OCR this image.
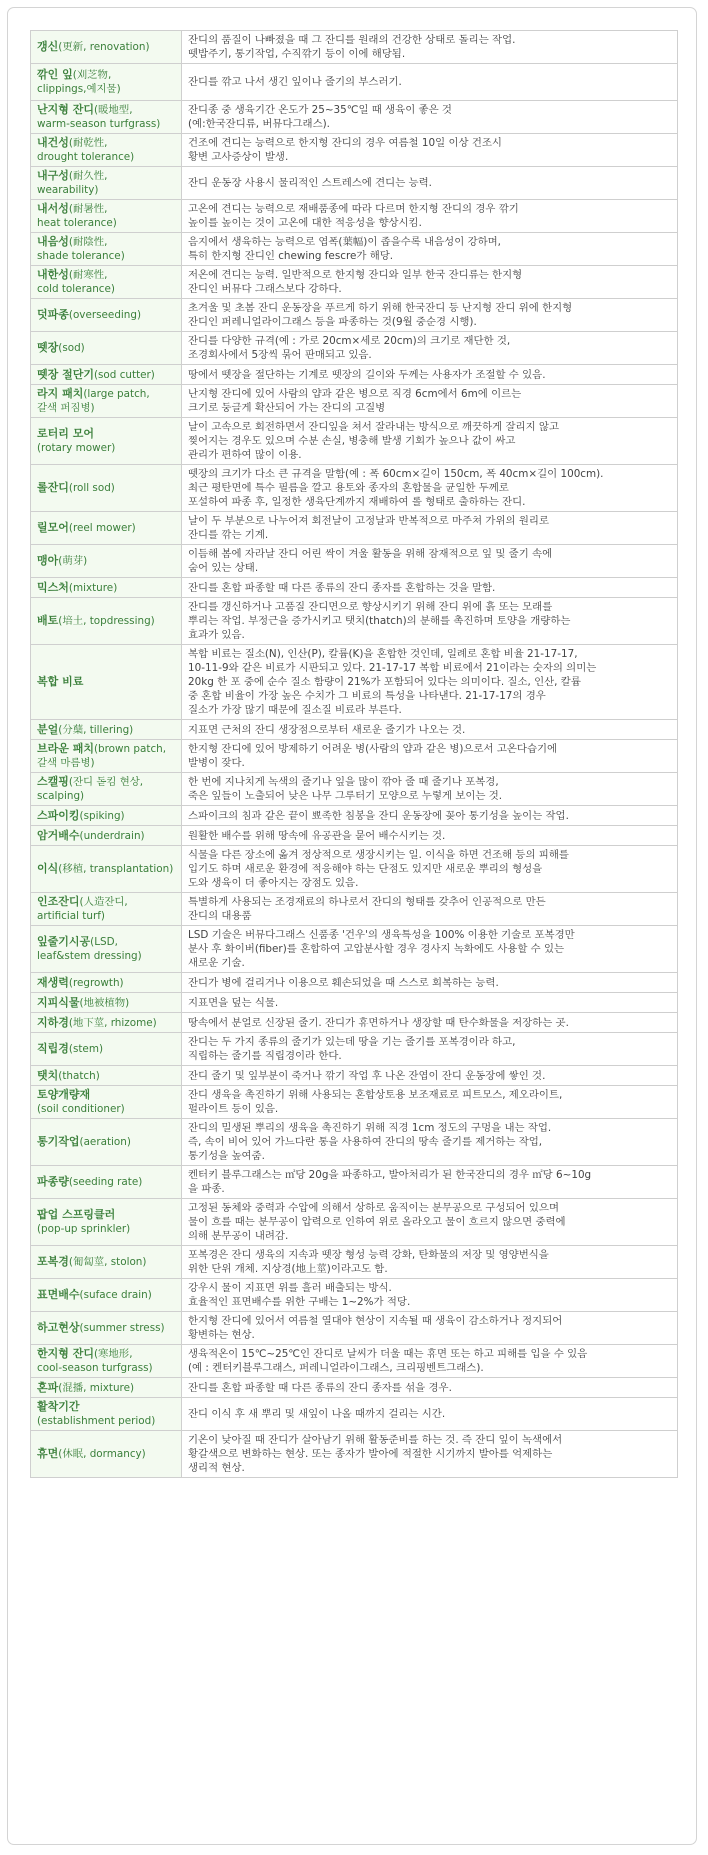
갱신(更新, renovation)	잔디의 품질이 나빠졌을 때 그 잔디를 원래의 건강한 상태로 돌리는 작업.
뗏밥주기, 통기작업, 수직깎기 등이 이에 해당됨.
깎인 잎(刈芝物,
clippings,예지물)	잔디를 깎고 나서 생긴 잎이나 줄기의 부스러기.
난지형 잔디(暖地型,
warm-season turfgrass)	잔디종 중 생육기간 온도가 25~35℃일 때 생육이 좋은 것
(예:한국잔디류, 버뮤다그래스).
내건성(耐乾性,
drought tolerance)	건조에 견디는 능력으로 한지형 잔디의 경우 여름철 10일 이상 건조시
황변 고사증상이 발생.
내구성(耐久性,
wearability)	잔디 운동장 사용시 물리적인 스트레스에 견디는 능력.
내서성(耐暑性,
heat tolerance)	고온에 견디는 능력으로 재배품종에 따라 다르며 한지형 잔디의 경우 깎기
높이를 높이는 것이 고온에 대한 적응성을 향상시킴.
내음성(耐陰性,
shade tolerance)	음지에서 생육하는 능력으로 엽폭(葉幅)이 좁을수록 내음성이 강하며,
특히 한지형 잔디인 chewing fescre가 해당.
내한성(耐寒性,
cold tolerance)	저온에 견디는 능력. 일반적으로 한지형 잔디와 일부 한국 잔디류는 한지형
잔디인 버뮤다 그래스보다 강하다.
덧파종(overseeding)	초겨울 및 초봄 잔디 운동장을 푸르게 하기 위해 한국잔디 등 난지형 잔디 위에 한지형
잔디인 퍼레니얼라이그래스 등을 파종하는 것(9월 중순경 시행).
뗏장(sod)	잔디를 다양한 규격(예 : 가로 20cm×세로 20cm)의 크기로 재단한 것,
조경회사에서 5장씩 묶어 판매되고 있음.
뗏장 절단기(sod cutter)	땅에서 뗏장을 절단하는 기계로 뗏장의 길이와 두께는 사용자가 조절할 수 있음.
라지 패치(large patch,
갈색 퍼짐병)	난지형 잔디에 있어 사람의 얍과 같은 병으로 직경 6cm에서 6m에 이르는
크기로 둥글게 확산되어 가는 잔디의 고질병
로터리 모어
(rotary mower)	날이 고속으로 회전하면서 잔디잎을 쳐서 잘라내는 방식으로 깨끗하게 잘리지 않고
찢어지는 경우도 있으며 수분 손실, 병충해 발생 기회가 높으나 값이 싸고
관리가 편하여 많이 이용.
롤잔디(roll sod)	뗏장의 크기가 다소 큰 규격을 말함(예 : 폭 60cm×길이 150cm, 폭 40cm×길이 100cm).
최근 평탄면에 특수 필름을 깔고 용토와 종자의 혼합물을 균일한 두께로
포설하여 파종 후, 일정한 생육단계까지 재배하여 롤 형태로 출하하는 잔디.
릴모어(reel mower)	날이 두 부분으로 나누어져 회전날이 고정날과 반복적으로 마주쳐 가위의 원리로
잔디를 깎는 기계.
맹아(萌芽)	이듬해 봄에 자라날 잔디 어린 싹이 겨울 활동을 위해 잠재적으로 잎 및 줄기 속에
숨어 있는 상태.
믹스처(mixture)	잔디를 혼합 파종할 때 다른 종류의 잔디 종자를 혼합하는 것을 말함.
배토(培土, topdressing)	잔디를 갱신하거나 고품질 잔디면으로 향상시키기 위해 잔디 위에 흙 또는 모래를
뿌리는 작업. 부정근을 증가시키고 탯치(thatch)의 분해를 촉진하며 토양을 개량하는
효과가 있음.
복합 비료	복합 비료는 질소(N), 인산(P), 칼륨(K)을 혼합한 것인데, 일례로 혼합 비율 21-17-17,
10-11-9와 같은 비료가 시판되고 있다. 21-17-17 복합 비료에서 21이라는 숫자의 의미는
20kg 한 포 중에 순수 질소 함량이 21%가 포함되어 있다는 의미이다. 질소, 인산, 칼륨
중 혼합 비율이 가장 높은 수치가 그 비료의 특성을 나타낸다. 21-17-17의 경우
질소가 가장 많기 때문에 질소질 비료라 부른다.
분얼(分蘖, tillering)	지표면 근처의 잔디 생장점으로부터 새로운 줄기가 나오는 것.
브라운 패치(brown patch,
갈색 마름병)	한지형 잔디에 있어 방제하기 어려운 병(사람의 얍과 같은 병)으로서 고온다습기에
발병이 잦다.
스캘핑(잔디 돋킴 현상,
scalping)	한 번에 지나치게 녹색의 줄기나 잎을 많이 깎아 줄 때 줄기나 포복경,
죽은 잎들이 노출되어 낮은 나무 그루터기 모양으로 누렇게 보이는 것.
스파이킹(spiking)	스파이크의 침과 같은 끝이 뾰족한 침봉을 잔디 운동장에 꽂아 통기성을 높이는 작업.
암거배수(underdrain)	원활한 배수를 위해 땅속에 유공관을 묻어 배수시키는 것.
이식(移植, transplantation)	식물을 다른 장소에 옮겨 정상적으로 생장시키는 일. 이식을 하면 건조해 등의 피해를
입기도 하며 새로운 환경에 적응해야 하는 단점도 있지만 새로운 뿌리의 형성을
도와 생육이 더 좋아지는 장점도 있음.
인조잔디(人造잔디,
artificial turf)	특별하게 사용되는 조경재료의 하나로서 잔디의 형태를 갖추어 인공적으로 만든
잔디의 대용품
잎줄기시공(LSD,
leaf&stem dressing)	LSD 기술은 버뮤다그래스 신품종 '건우'의 생육특성을 100% 이용한 기술로 포복경만
분사 후 화이버(fiber)를 혼합하여 고압분사할 경우 경사지 녹화에도 사용할 수 있는
새로운 기술.
재생력(regrowth)	잔디가 병에 걸리거나 이용으로 훼손되었을 때 스스로 회복하는 능력.
지피식물(地被植物)	지표면을 덮는 식물.
지하경(地下莖, rhizome)	땅속에서 분얼로 신장된 줄기. 잔디가 휴면하거나 생장할 때 탄수화물을 저장하는 곳.
직립경(stem)	잔디는 두 가지 종류의 줄기가 있는데 땅을 기는 줄기를 포복경이라 하고,
직립하는 줄기를 직립경이라 한다.
탯치(thatch)	잔디 줄기 및 잎부분이 죽거나 깎기 작업 후 나온 잔엽이 잔디 운동장에 쌓인 것.
토양개량재
(soil conditioner)	잔디 생육을 촉진하기 위해 사용되는 혼합상토용 보조재료로 피트모스, 제오라이트,
펄라이트 등이 있음.
통기작업(aeration)	잔디의 밀생된 뿌리의 생육을 촉진하기 위해 직경 1cm 정도의 구멍을 내는 작업.
즉, 속이 비어 있어 가느다란 통을 사용하여 잔디의 땅속 줄기를 제거하는 작업,
통기성을 높여줌.
파종량(seeding rate)	켄터키 블루그래스는 ㎡당 20g을 파종하고, 발아처리가 된 한국잔디의 경우 ㎡당 6~10g
을 파종.
팝업 스프링클러
(pop-up sprinkler)	고정된 동체와 중력과 수압에 의해서 상하로 움직이는 분무공으로 구성되어 있으며
물이 흐를 때는 분무공이 압력으로 인하여 위로 올라오고 물이 흐르지 않으면 중력에
의해 분무공이 내려감.
포복경(匍匐莖, stolon)	포복경은 잔디 생육의 지속과 뗏장 형성 능력 강화, 탄화물의 저장 및 영양번식을
위한 단위 개체. 지상경(地上莖)이라고도 함.
표면배수(suface drain)	강우시 물이 지표면 위를 흘러 배출되는 방식.
효율적인 표면배수를 위한 구배는 1~2%가 적당.
하고현상(summer stress)	한지형 잔디에 있어서 여름철 열대야 현상이 지속될 때 생육이 감소하거나 정지되어
황변하는 현상.
한지형 잔디(寒地形,
cool-season turfgrass)	생육적온이 15℃~25℃인 잔디로 날씨가 더울 때는 휴면 또는 하고 피해를 입을 수 있음
(예 : 켄터키블루그래스, 퍼레니얼라이그래스, 크리핑벤트그래스).
혼파(混播, mixture)	잔디를 혼합 파종할 때 다른 종류의 잔디 종자를 섞을 경우.
활착기간
(establishment period)	잔디 이식 후 새 뿌리 및 새잎이 나올 때까지 걸리는 시간.
휴면(休眠, dormancy)	기온이 낮아질 때 잔디가 살아남기 위해 활동준비를 하는 것. 즉 잔디 잎이 녹색에서
황갈색으로 변화하는 현상. 또는 종자가 발아에 적절한 시기까지 발아를 억제하는
생리적 현상.
